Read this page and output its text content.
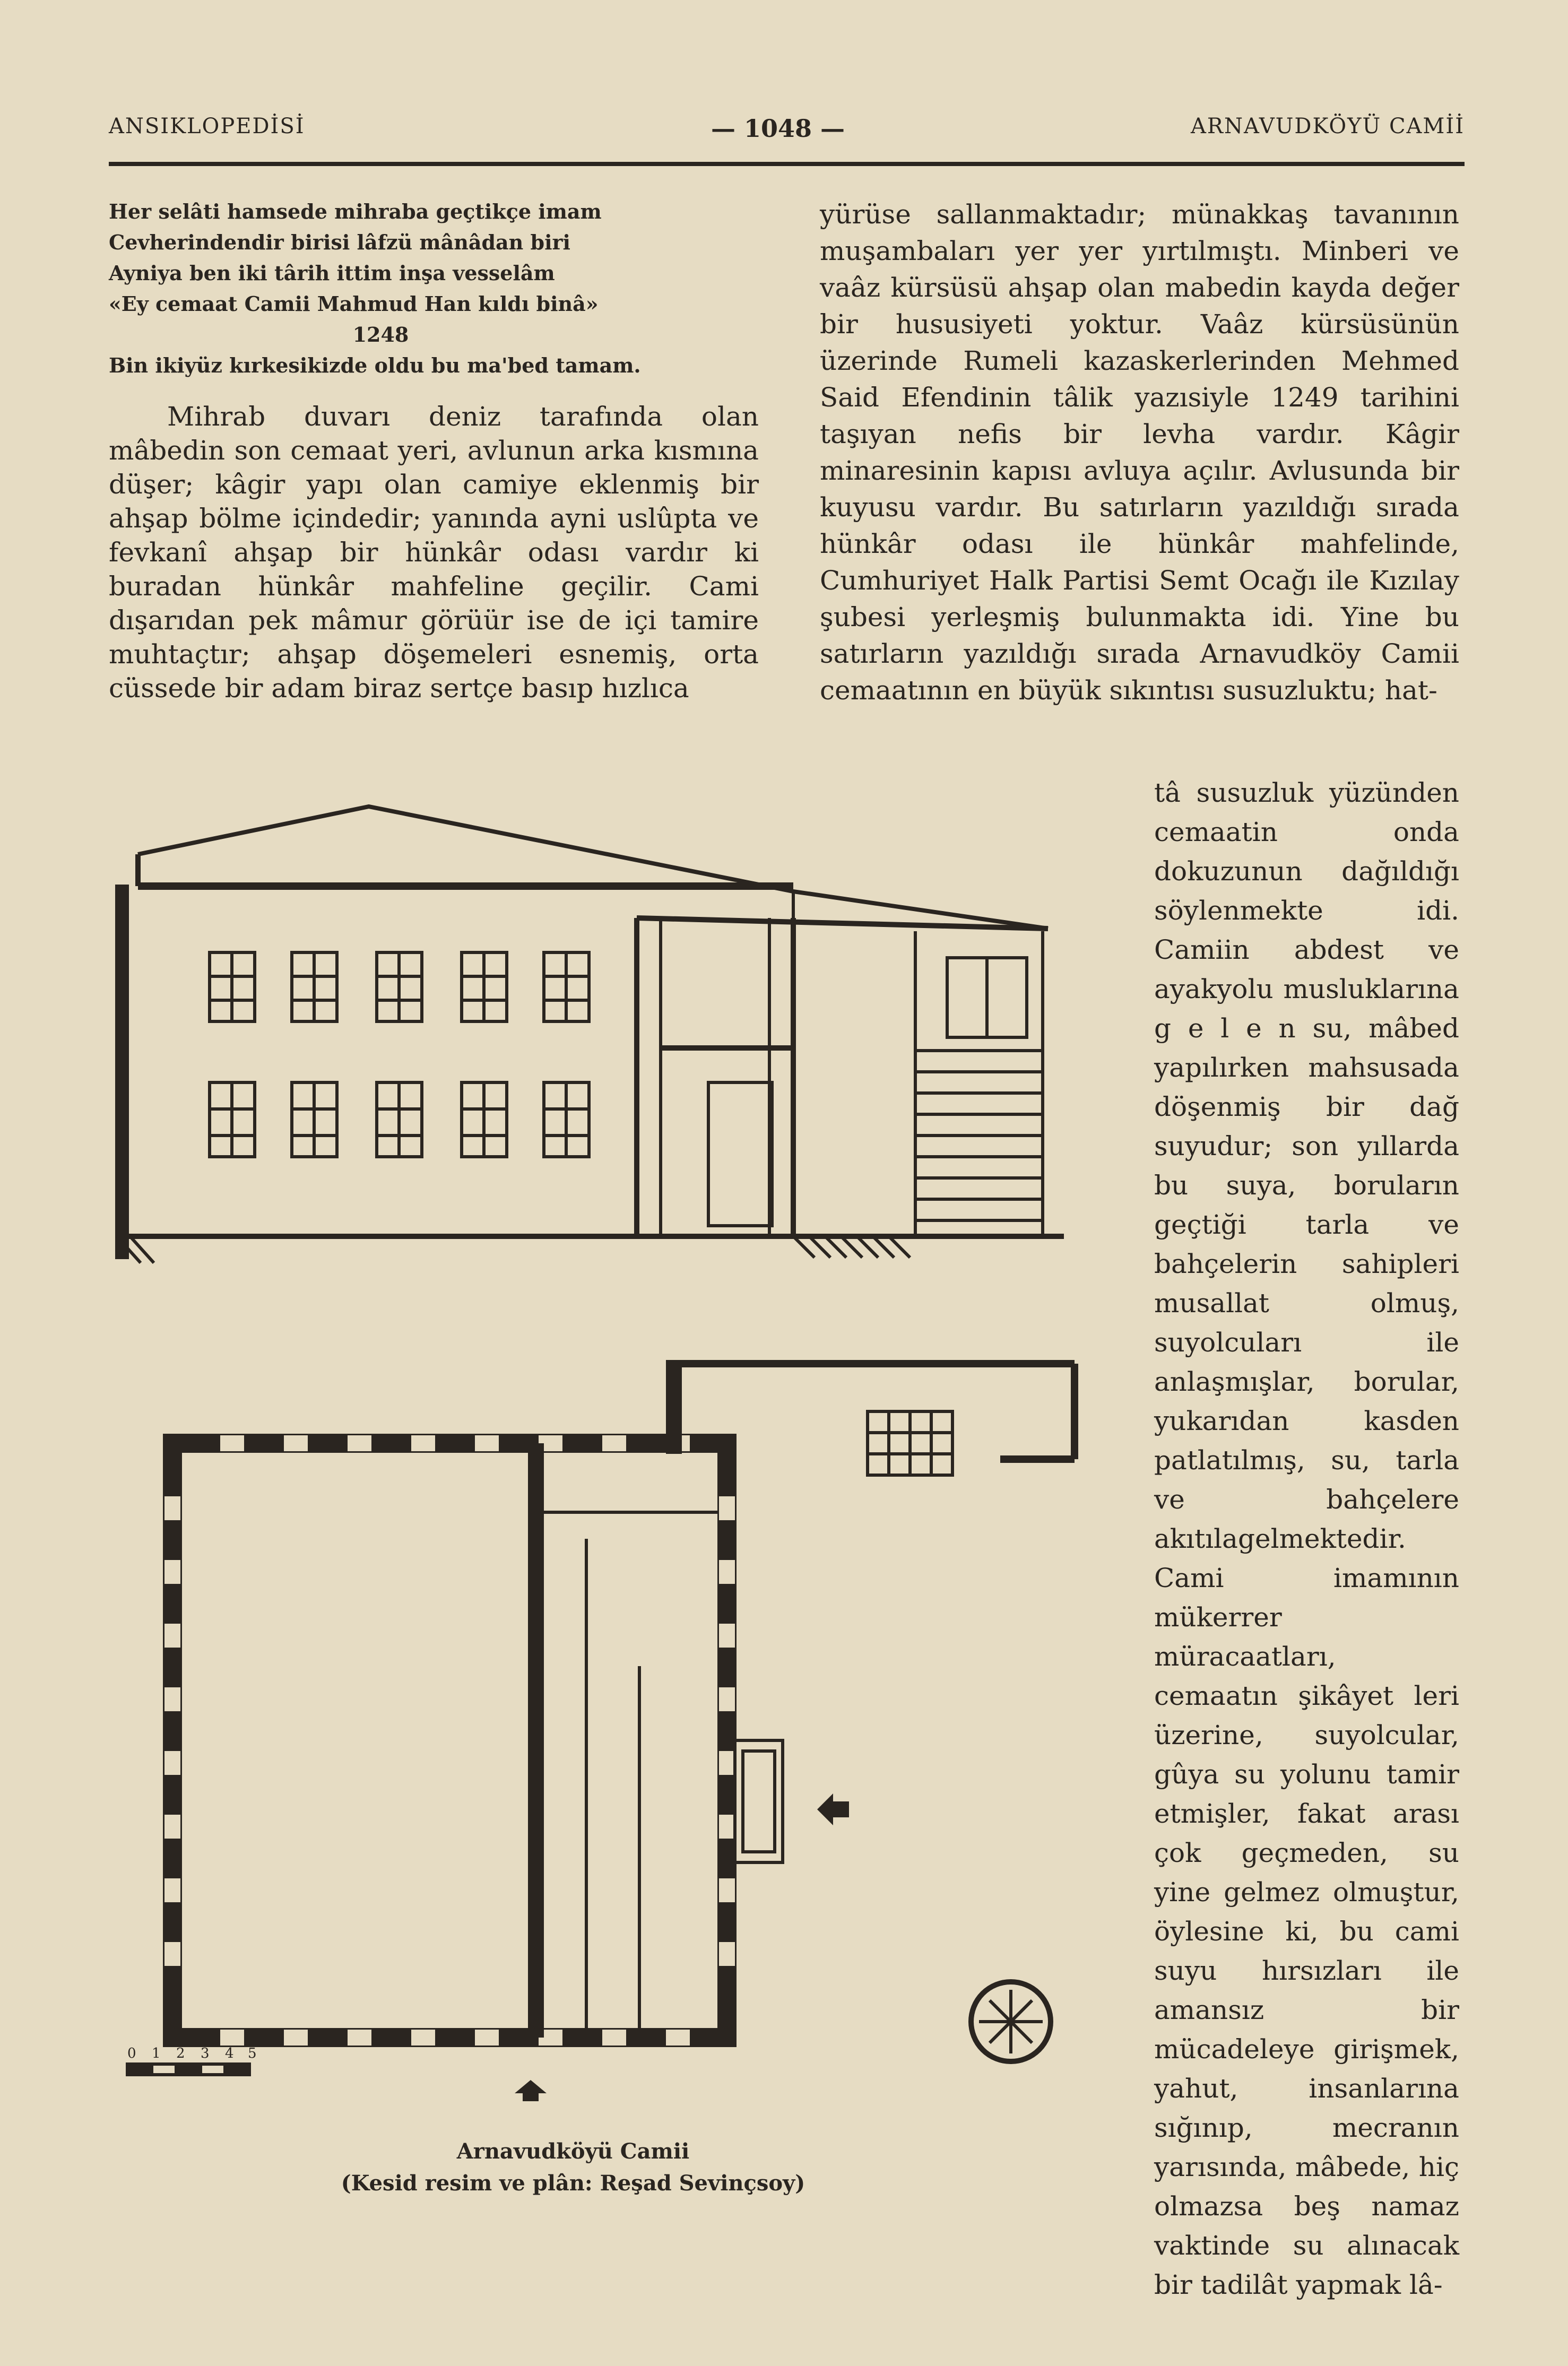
ANSIKLOPEDİSİ	— 1048 —	ARNAVUDKÖYÜ CAMİİ
Her selâti hamsede mihraba geçtikçe imam
Cevherindendir birisi lâfzü mânâdan biri
Ayniya ben iki târih ittim inşa vesselâm
«Ey cemaat Camii Mahmud Han kıldı binâ»
1248
Bin ikiyüz kırkesikizde oldu bu ma'bed tamam.
Mihrab duvarı deniz tarafında olan mâbedin son cemaat yeri, avlunun arka kısmına düşer; kâgir yapı olan camiye eklenmiş bir ahşap bölme içindedir; yanında ayni uslûpta ve fevkanî ahşap bir hünkâr odası vardır ki buradan hünkâr mahfeline geçilir. Cami dışarıdan pek mâmur görüür ise de içi tamire muhtaçtır; ahşap döşemeleri esnemiş, orta cüssede bir adam biraz sertçe basıp hızlıca
yürüse sallanmaktadır; münakkaş tavanının muşambaları yer yer yırtılmıştı. Minberi ve vaâz kürsüsü ahşap olan mabedin kayda değer bir hususiyeti yoktur. Vaâz kürsüsünün üzerinde Rumeli kazaskerlerinden Mehmed Said Efendinin tâlik yazısiyle 1249 tarihini taşıyan nefis bir levha vardır. Kâgir minaresinin kapısı avluya açılır. Avlusunda bir kuyusu vardır. Bu satırların yazıldığı sırada hünkâr odası ile hünkâr mahfelinde, Cumhuriyet Halk Partisi Semt Ocağı ile Kızılay şubesi yerleşmiş bulunmakta idi. Yine bu satırların yazıldığı sırada Arnavudköy Camii cemaatının en büyük sıkıntısı susuzluktu; hat-
tâ susuzluk yüzünden cemaatin onda dokuzunun dağıldığı söylenmekte idi. Camiin abdest ve ayakyolu musluklarına g e l e n su, mâbed yapılırken mahsusada döşenmiş bir dağ suyudur; son yıllarda bu suya, boruların geçtiği tarla ve bahçelerin sahipleri musallat olmuş, suyolcuları ile anlaşmışlar, borular, yukarıdan kasden patlatılmış, su, tarla ve bahçelere akıtılagelmektedir. Cami imamının mükerrer müracaatları, cemaatın şikâyet leri üzerine, suyolcular, gûya su yolunu tamir etmişler, fakat arası çok geçmeden, su yine gelmez olmuştur, öylesine ki, bu cami suyu hırsızları ile amansız bir mücadeleye girişmek, yahut, insanlarına sığınıp, mecranın yarısında, mâbede, hiç olmazsa beş namaz vaktinde su alınacak bir tadilât yapmak lâ-
0 1 2 3 4 5
Arnavudköyü Camii
(Kesid resim ve plân: Reşad Sevinçsoy)
